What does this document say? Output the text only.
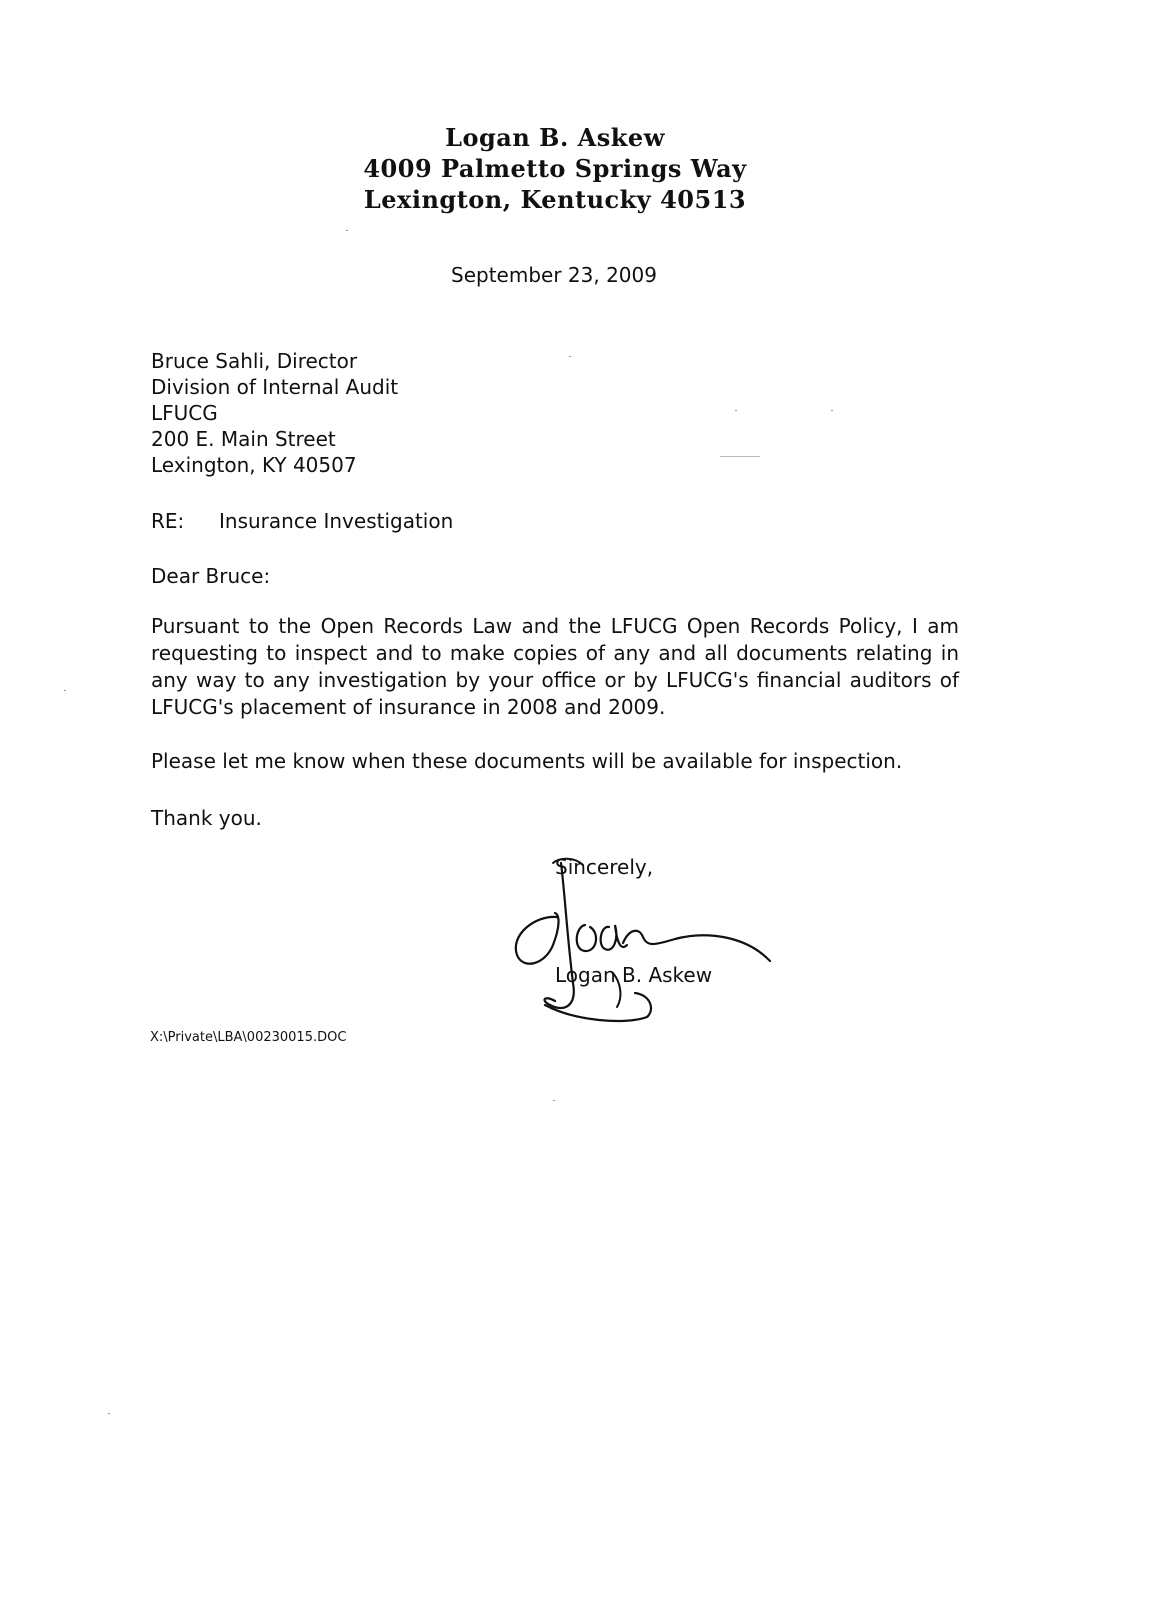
Logan B. Askew
4009 Palmetto Springs Way
Lexington, Kentucky 40513
September 23, 2009
Bruce Sahli, Director
Division of Internal Audit
LFUCG
200 E. Main Street
Lexington, KY 40507
RE: Insurance Investigation
Dear Bruce:
Pursuant to the Open Records Law and the LFUCG Open Records Policy, I am requesting to inspect and to make copies of any and all documents relating in any way to any investigation by your office or by LFUCG's financial auditors of LFUCG's placement of insurance in 2008 and 2009.
Please let me know when these documents will be available for inspection.
Thank you.
Sincerely,
Logan B. Askew
X:\Private\LBA\00230015.DOC
